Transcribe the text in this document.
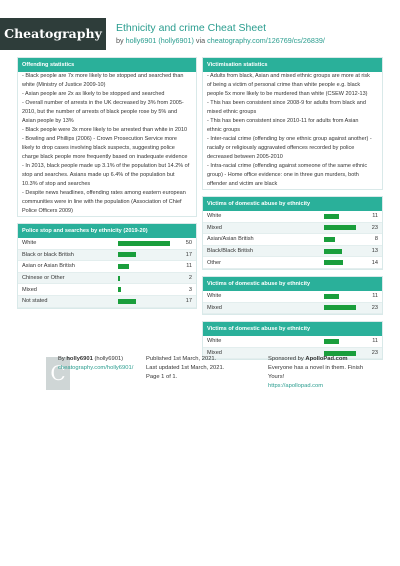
Cheatography	Ethnicity and crime Cheat Sheet
by holly6901 (holly6901) via cheatography.com/126769/cs/26839/
Offending statistics

- Black people are 7x more likely to be stopped and searched than

white (Ministry of Justice 2009-10)

- Asian people are 2x as likely to be stopped and searched

- Overall number of arrests in the UK decreased by 3% from 2005-

2010, but the number of arrests of black people rose by 5% and

Asian people by 13%

- Black people were 3x more likely to be arrested than white in 2010

- Bowling and Phillips (2006) - Crown Prosecution Service more

likely to drop cases involving black suspects, suggesting police

charge black people more frequently based on inadequate evidence

- In 2013, black people made up 3.1% of the population but 14.2% of

stop and searches. Asians made up 6.4% of the population but

10.3% of stop and searches

- Despite news headlines, offending rates among eastern european

communities were in line with the population (Association of Chief

Police Officers 2009)

Police stop and searches by ethnicity (2019-20)
White	50
Black or black British	17
Asian or Asian British	11
Chinese or Other	2
Mixed	3
Not stated	17
Victimisation statistics

- Adults from black, Asian and mixed ethnic groups are more at risk

of being a victim of personal crime than white people e.g. black

people 5x more likely to be murdered than white (CSEW 2012-13)

- This has been consistent since 2008-9 for adults from black and

mixed ethnic groups

- This has been consistent since 2010-11 for adults from Asian

ethnic groups

- Inter-racial crime (offending by one ethnic group against another) -

racially or religiously aggravated offences recorded by police

decreased between 2005-2010

- Intra-racial crime (offending against someone of the same ethnic

group) - Home office evidence: one in three gun murders, both

offender and victim are black

Victims of domestic abuse by ethnicity
White	11
Mixed	23
Asian/Asian British	8
Black/Black British	13
Other	14
Victims of domestic abuse by ethnicity
White	11
Mixed	23
Victims of domestic abuse by ethnicity
White	11
Mixed	23
C
By holly6901 (holly6901)
cheatography.com/holly6901/
Published 1st March, 2021.
Last updated 1st March, 2021.
Page 1 of 1.
Sponsored by ApolloPad.com
Everyone has a novel in them. Finish
Yours!
https://apollopad.com
